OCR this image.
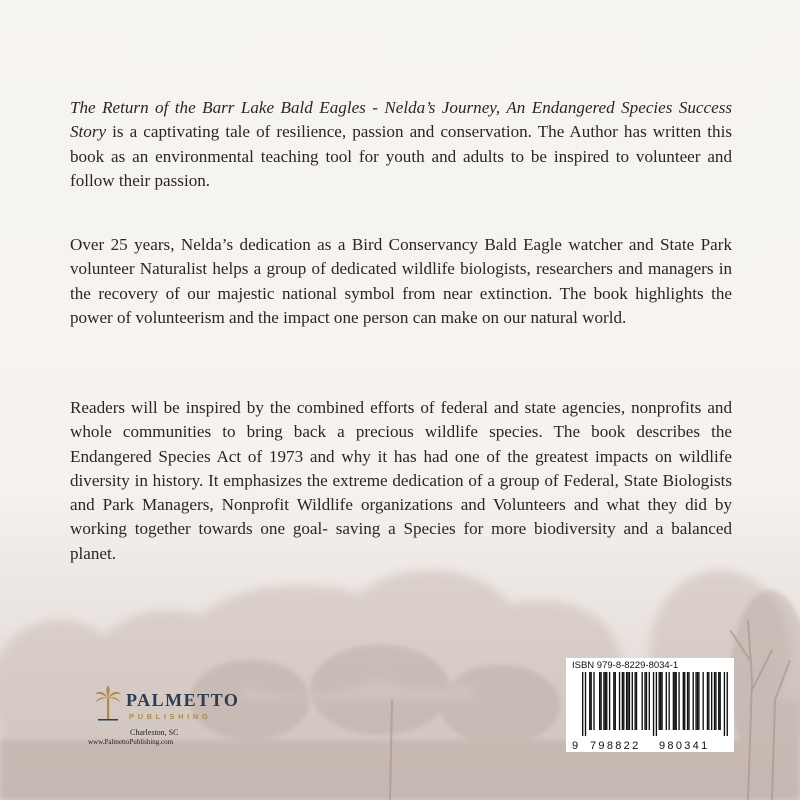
The Return of the Barr Lake Bald Eagles - Nelda’s Journey, An Endangered Species Success Story is a captivating tale of resilience, passion and conservation. The Author has written this book as an environmental teaching tool for youth and adults to be inspired to volunteer and follow their passion.

Over 25 years, Nelda’s dedication as a Bird Conservancy Bald Eagle watcher and State Park volunteer Naturalist helps a group of dedicated wildlife biologists, researchers and managers in the recovery of our majestic national symbol from near extinction. The book highlights the power of volunteerism and the impact one person can make on our natural world.

Readers will be inspired by the combined efforts of federal and state agencies, nonprofits and whole communities to bring back a precious wildlife species. The book describes the Endangered Species Act of 1973 and why it has had one of the greatest impacts on wildlife diversity in history. It emphasizes the extreme dedication of a group of Federal, State Biologists and Park Managers, Nonprofit Wildlife organizations and Volunteers and what they did by working together towards one goal- saving a Species for more biodiversity and a balanced planet.

PALMETTO

PUBLISHING

Charleston, SC

www.PalmettoPublishing.com

ISBN 979-8-8229-8034-1

9 798822 980341
